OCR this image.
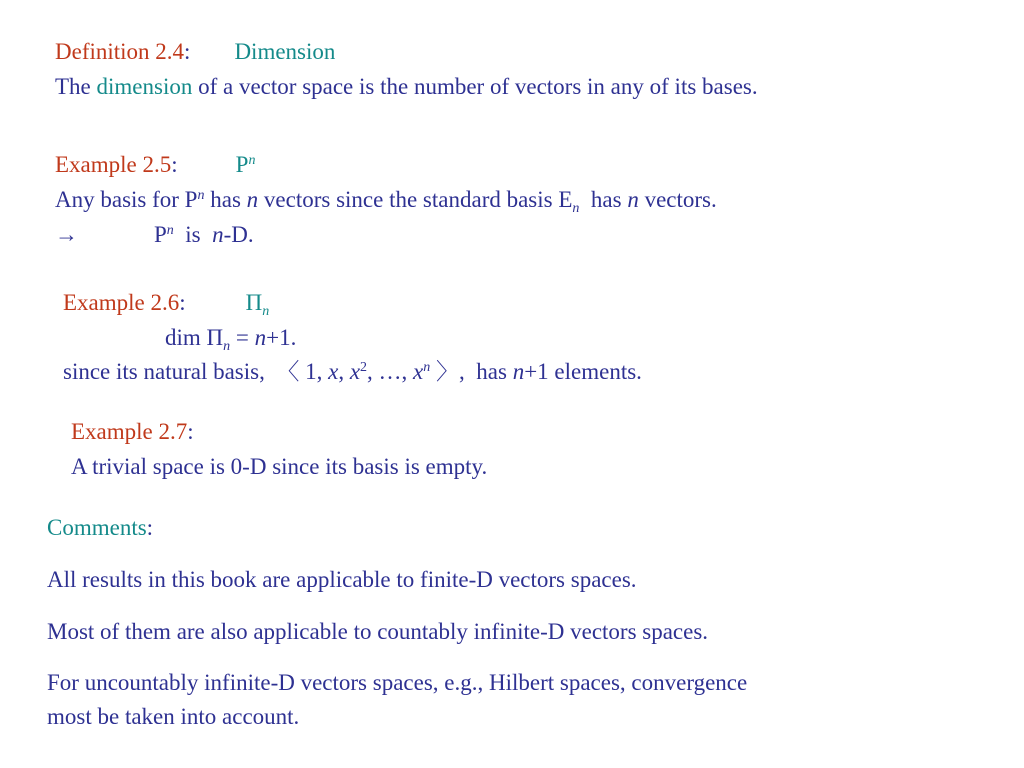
Definition 2.4: Dimension
The dimension of a vector space is the number of vectors in any of its bases.
Example 2.5:	$P^n$
Any basis for $P^n$ has n vectors since the standard basis $E_n$  has n vectors.
→	$P^n$  is  n-D.
Example 2.6:	$\Pi_n$
dim $\Pi_n = n+1$.
since its natural basis,  〈 1, x, $x^2$, …, $x^n$ 〉,  has n+1 elements.
Example 2.7:
A trivial space is 0-D since its basis is empty.
Comments:
All results in this book are applicable to finite-D vectors spaces.
Most of them are also applicable to countably infinite-D vectors spaces.
For uncountably infinite-D vectors spaces, e.g., Hilbert spaces, convergence
most be taken into account.
